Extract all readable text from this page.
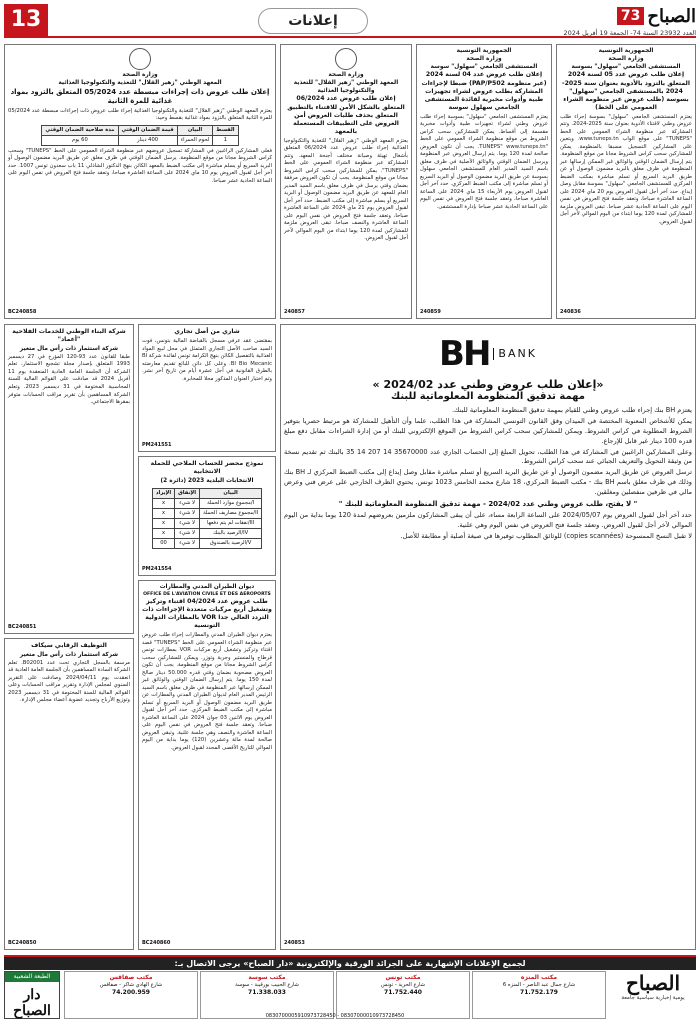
13	إعلانات	73 الصباح
العدد 23932 السنة 74- الجمعة 19 أفريل 2024
الجمهورية التونسية
وزارة الصحة
المستشفى الجامعي "سهلول" بسوسة
إعلان طلب عروض عدد 05 لسنة 2024 المتعلق بالتزود بالأدوية بعنوان سنة 2025-2024 بالمستشفى الجامعي "سهلول" بسوسة (طلب عروض عبر منظومة الشراء العمومي على الخط)

يعتزم المستشفى الجامعي "سهلول" بسوسة إجراء طلب عروض وطني لاقتناء الأدوية بعنوان سنة 2025-2024. وتتم المشاركة عبر منظومة الشراء العمومي على الخط "TUNEPS" على موقع الواب www.tuneps.tn. ويتعين على المشاركين التسجيل مسبقا بالمنظومة. يمكن للمشاركين سحب كراس الشروط مجانا من موقع المنظومة. يتم إرسال الضمان الوقتي والوثائق غير الممكن إرسالها عبر المنظومة في ظرف مغلق بالبريد مضمون الوصول أو عن طريق البريد السريع أو تسلم مباشرة بمكتب الضبط المركزي للمستشفى الجامعي "سهلول" بسوسة مقابل وصل إيداع. حدد آخر أجل لقبول العروض يوم 20 ماي 2024 على الساعة العاشرة صباحا، وتعقد جلسة فتح العروض في نفس اليوم على الساعة الحادية عشر صباحا. تبقى العروض ملزمة للمشاركين لمدة 120 يوما ابتداء من اليوم الموالي لآخر أجل لقبول العروض.

240836
الجمهورية التونسية
وزارة الصحة
المستشفى الجامعي "سهلول" سوسة
إعلان طلب عروض عدد 04 لسنة 2024 (عبر منظومة PAP/P502) ضبطا لإجراءات المشاركة بطلب عروض لشراء تجهيزات طبية وأدوات مخبرية لفائدة المستشفى الجامعي سهلول سوسة

يعتزم المستشفى الجامعي "سهلول" بسوسة إجراء طلب عروض وطني لشراء تجهيزات طبية وأدوات مخبرية مقسمة إلى أقساط. يمكن للمشاركين سحب كراس الشروط من موقع منظومة الشراء العمومي على الخط "TUNEPS" www.tuneps.tn. يجب أن تكون العروض صالحة لمدة 120 يوما. يتم إرسال العروض عبر المنظومة ويرسل الضمان الوقتي والوثائق الأصلية في ظرف مغلق باسم السيد المدير العام للمستشفى الجامعي سهلول بسوسة عن طريق البريد مضمون الوصول أو البريد السريع أو تسلم مباشرة إلى مكتب الضبط المركزي. حدد آخر أجل لقبول العروض يوم الأربعاء 15 ماي 2024 على الساعة العاشرة صباحا، وتعقد جلسة فتح العروض في نفس اليوم على الساعة الحادية عشر صباحا بإدارة المستشفى.

240859
وزارة الصحة
المعهد الوطني "زهير القلال" للتغذية والتكنولوجيا الغذائية
إعلان طلب عروض عدد 06/2024 المتعلق بالشكل الأمن للاقتناء بالتطبيق المتعلق بحذف طلبات العروض أمن العروض على التطبيقات المستعملة بالمعهد

يعتزم المعهد الوطني "زهير القلال" للتغذية والتكنولوجيا الغذائية إجراء طلب عروض عدد 06/2024 المتعلق بأشغال تهيئة وصيانة مختلف أجنحة المعهد. وتتم المشاركة عبر منظومة الشراء العمومي على الخط "TUNEPS". يمكن للمشاركين سحب كراس الشروط مجانا من موقع المنظومة. يجب أن تكون العروض مرفقة بضمان وقتي يرسل في ظرف مغلق باسم السيد المدير العام للمعهد عن طريق البريد مضمون الوصول أو البريد السريع أو يسلم مباشرة إلى مكتب الضبط. حدد آخر أجل لقبول العروض يوم 21 ماي 2024 على الساعة العاشرة صباحا، وتعقد جلسة فتح العروض في نفس اليوم على الساعة العاشرة والنصف صباحا. تبقى العروض ملزمة للمشاركين لمدة 120 يوما ابتداء من اليوم الموالي لآخر أجل لقبول العروض.

240857
وزارة الصحة
المعهد الوطني "زهير القلال" للتغذية والتكنولوجيا الغذائية
إعلان طلب عروض ذات إجراءات مبسطة عدد 05/2024 المتعلق بالتزود بمواد غذائية للمرة الثانية

يعتزم المعهد الوطني "زهير القلال" للتغذية والتكنولوجيا الغذائية إجراء طلب عروض ذات إجراءات مبسطة عدد 05/2024 للمرة الثانية المتعلق بالتزود بمواد غذائية بقسط وحيد:

القسط	البيان	قيمة الضمان الوقتي	مدة صلاحية الضمان الوقتي
1	لحوم الحمراء	400 دينار	60 يوم

فعلى المشاركين الراغبين في المشاركة تسجيل عروضهم عبر منظومة الشراء العمومي على الخط "TUNEPS" وسحب كراس الشروط مجانا من موقع المنظومة. يرسل الضمان الوقتي في ظرف مغلق عن طريق البريد مضمون الوصول أو البريد السريع أو يسلم مباشرة إلى مكتب الضبط بالمعهد الكائن بنهج الدكتور الشاذلي 11 باب سعدون تونس 1007. حدد آخر أجل لقبول العروض يوم 10 ماي 2024 على الساعة العاشرة صباحا، وتعقد جلسة فتح العروض في نفس اليوم على الساعة الحادية عشر صباحا.

BC240858
شاري من أصل تجاري

بمقتضى عقد عرفي مسجل بالقباضة المالية بتونس، فوت السيد صاحب الأصل التجاري المتمثل في محل لبيع المواد الغذائية بالتفصيل الكائن بنهج الكرامة تونس لفائدة شركة BI BI Bio Mecanic. وعلى كل دائن للبائع تقديم معارضته بالطرق القانونية في أجل عشرة أيام من تاريخ آخر نشر. وتم اختيار العنوان المذكور محلا للمخابرة.

PM241551
شركة البناء الوطني للخدمات الفلاحية "أعماد"
شركة استثمار ذات رأس مال متغير

طبقا للقانون عدد 93-120 المؤرخ في 27 ديسمبر 1993 المتعلق بإصدار مجلة تشجيع الاستثمار، تعلم الشركة أن الجلسة العامة العادية المنعقدة يوم 11 أفريل 2024 قد صادقت على القوائم المالية للسنة المحاسبية المختومة في 31 ديسمبر 2023. وتعلم الشركة المساهمين بأن تقرير مراقب الحسابات متوفر بمقرها الاجتماعي.

BC240851
نموذج محضر للحساب الملاحي للحملة الانتخابية
الانتخابات البلدية 2023 (دائرة 2)
البيان	الإنفاق	الإيراد
I/مجموع موارد الحملة	لا شيء	x
II/مجموع مصاريف الحملة	لا شيء	x
III/نفقات لم يتم دفعها	لا شيء	x
IV/الرصيد بالبنك	لا شيء	x
V/الرصيد بالصندوق	لا شيء	00
PM241554
BH BANK
«إعلان طلب عروض وطني عدد 2024/02 »
مهمة تدقيق المنظومة المعلوماتية للبنك

يعتزم BH بنك إجراء طلب عروض وطني للقيام بمهمة تدقيق المنظومة المعلوماتية للبنك.

يمكن للأشخاص المعنوية المختصة في الميدان وفق القانون التونسي المشاركة في هذا الطلب، علما وأن التأهيل للمشاركة هو مرتبط حصريا بتوفير الشروط المطلوبة في كراس الشروط. ويمكن للمشاركين سحب كراس الشروط من الموقع الإلكتروني للبنك أو من إدارة الشراءات مقابل دفع مبلغ قدره 100 دينار غير قابل للإرجاع.

وعلى المشاركين الراغبين في المشاركة في هذا الطلب، تحويل المبلغ إلى الحساب الجاري عدد 35670000 14 207 14 35 بالبنك ثم تقديم نسخة من وثيقة التحويل والتعريف الجبائي عند سحب كراس الشروط.

ترسل العروض عن طريق البريد مضمون الوصول أو عن طريق البريد السريع أو تسلم مباشرة مقابل وصل إيداع إلى مكتب الضبط المركزي لـ BH بنك وذلك في ظرف مغلق باسم BH بنك - مكتب الضبط المركزي، 18 شارع محمد الخامس 1023 تونس. يحتوي الظرف الخارجي على عرض فني وعرض مالي في ظرفين منفصلين ومغلقين.

" لا يفتح، طلب عروض وطني عدد 2024/02 - مهمة تدقيق المنظومة المعلوماتية للبنك "

حدد آخر أجل لقبول العروض يوم 2024/05/07 على الساعة الرابعة مساء، على أن يبقى المشاركون ملزمين بعروضهم لمدة 120 يوما بداية من اليوم الموالي لآخر أجل لقبول العروض. وتعقد جلسة فتح العروض في نفس اليوم وهي علنية.

لا تقبل النسخ الممسوحة (copies scannées) للوثائق المطلوب توفيرها في صيغة أصلية أو مطابقة للأصل.

240853
ديوان الطيران المدني والمطارات
OFFICE DE L'AVIATION CIVILE ET DES AEROPORTS
طلب عروض عدد 04/2024 اقتناء وتركيز وتشغيل أربع مركبات متعددة الإجراءات ذات التردد العالي جدا VOR بالمطارات الدولية التونسية

يعتزم ديوان الطيران المدني والمطارات إجراء طلب عروض عبر منظومة الشراء العمومي على الخط "TUNEPS" قصد اقتناء وتركيز وتشغيل أربع مركبات VOR بمطارات تونس قرطاج والمنستير وجربة وتوزر. ويمكن للمشاركين سحب كراس الشروط مجانا من موقع المنظومة. يجب أن تكون العروض مصحوبة بضمان وقتي قدره 50.000 دينار صالح لمدة 150 يوما. يتم إرسال الضمان الوقتي والوثائق غير الممكن إرسالها عبر المنظومة في ظرف مغلق باسم السيد الرئيس المدير العام لديوان الطيران المدني والمطارات عن طريق البريد مضمون الوصول أو البريد السريع أو تسلم مباشرة إلى مكتب الضبط المركزي. حدد آخر أجل لقبول العروض يوم الاثنين 03 جوان 2024 على الساعة العاشرة صباحا. وتعقد جلسة فتح العروض في نفس اليوم على الساعة العاشرة والنصف وهي جلسة علنية. وتبقى العروض صالحة لمدة مائة وعشرين (120) يوما بداية من اليوم الموالي للتاريخ الأقصى المحدد لقبول العروض.

BC240860
التوظيف الرقابي سيكاف
شركة استثمار ذات رأس مال متغير

مرسمة بالسجل التجاري تحت عدد B02001. تعلم الشركة السادة المساهمين بأن الجلسة العامة العادية قد انعقدت يوم 2024/04/11 وصادقت على التقرير السنوي لمجلس الإدارة وتقرير مراقب الحسابات وعلى القوائم المالية للسنة المختومة في 31 ديسمبر 2023 وتوزيع الأرباح وتجديد عضوية أعضاء مجلس الإدارة.

BC240850
لجميع الإعلانات الإشهارية على الجرائد الورقية والإلكترونية «دار الصباح» يرجى الاتصال بـ:
الطبعة الشعبية
دار الصباح
مكتب المنزه
شارع جمال عبد الناصر - المنزه 6
71.752.179
مكتب تونس
شارع الحرية - تونس
71.752.440
مكتب سوسة
شارع الحبيب بورقيبة - سوسة
71.338.033
مكتب صفاقس
شارع الهادي شاكر - صفاقس
74.200.959
0830700005910973728450 - 08307000010973728450
الصباح
يومية إخبارية سياسية جامعة
